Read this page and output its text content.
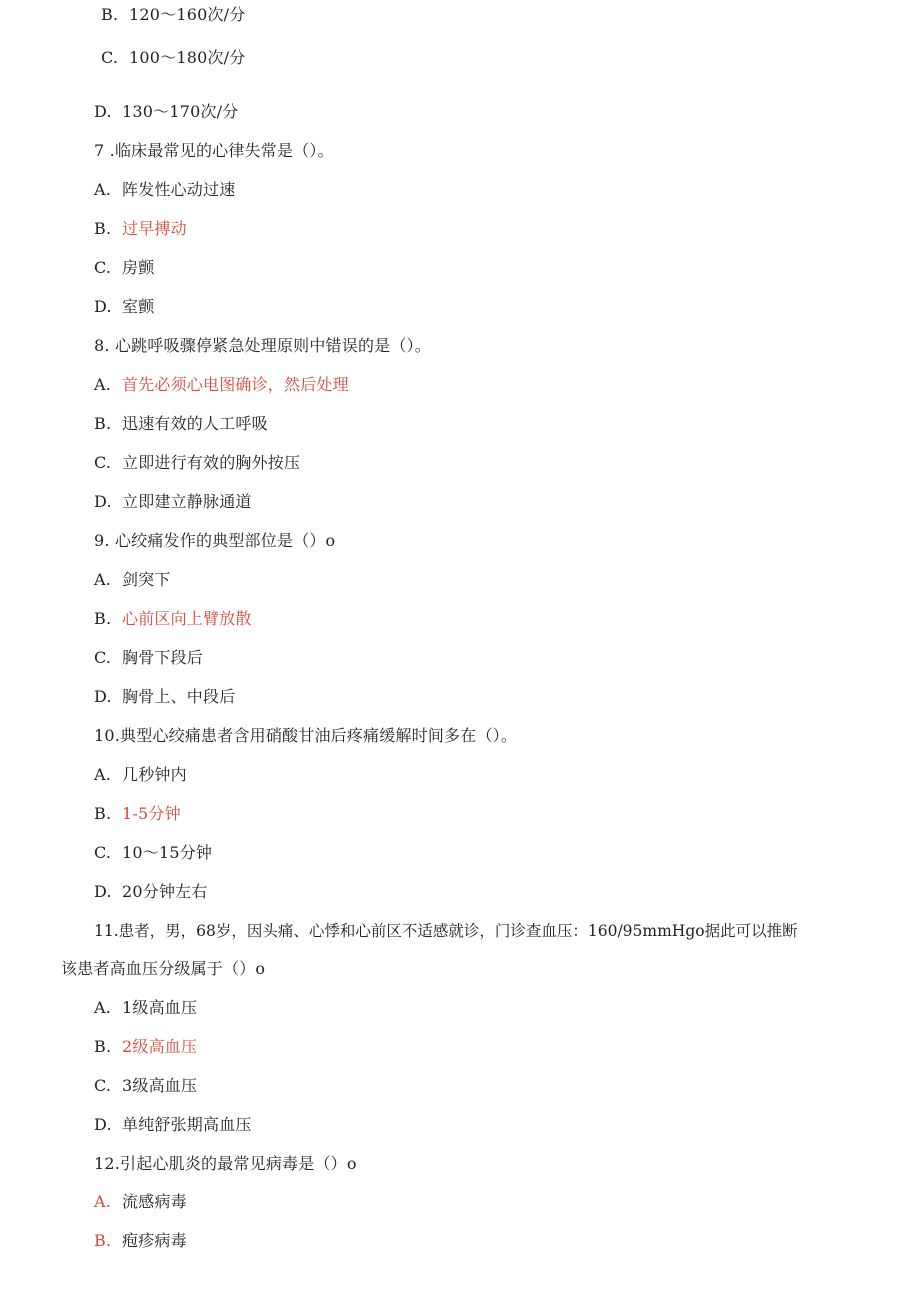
B. 120～160次/分
C. 100～180次/分
D. 130～170次/分
7 .临床最常见的心律失常是（）。
A. 阵发性心动过速
B. 过早搏动
C. 房颤
D. 室颤
8. 心跳呼吸骤停紧急处理原则中错误的是（）。
A. 首先必须心电图确诊，然后处理
B. 迅速有效的人工呼吸
C. 立即进行有效的胸外按压
D. 立即建立静脉通道
9. 心绞痛发作的典型部位是（）o
A. 剑突下
B. 心前区向上臂放散
C. 胸骨下段后
D. 胸骨上、中段后
10.典型心绞痛患者含用硝酸甘油后疼痛缓解时间多在（）。
A. 几秒钟内
B. 1-5分钟
C. 10～15分钟
D. 20分钟左右
11.患者，男，68岁，因头痛、心悸和心前区不适感就诊，门诊查血压：160/95mmHgo据此可以推断
该患者高血压分级属于（）o
A. 1级高血压
B. 2级高血压
C. 3级高血压
D. 单纯舒张期高血压
12.引起心肌炎的最常见病毒是（）o
A. 流感病毒
B. 疱疹病毒
